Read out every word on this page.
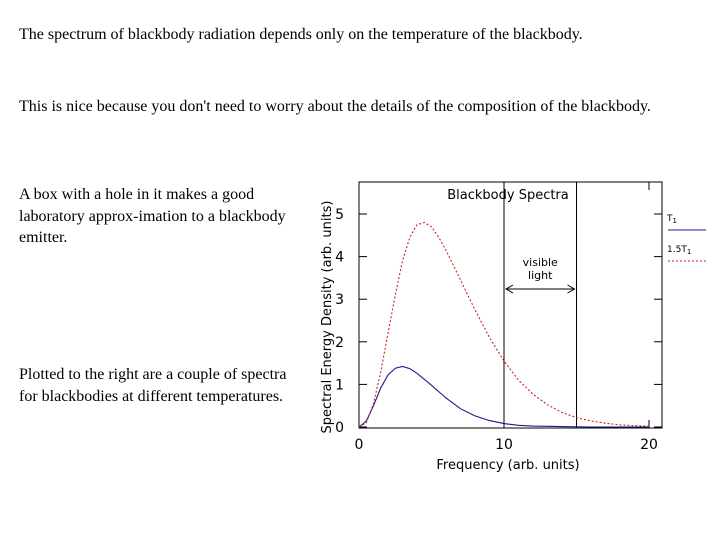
The spectrum of blackbody radiation depends only on the temperature of the blackbody.

This is nice because you don't need to worry about the details of the composition of the blackbody.

A box with a hole in it makes a good laboratory approx-imation to a blackbody emitter.

Plotted to the right are a couple of spectra for blackbodies at different temperatures.

0
1
2
3
4
5
0	10	20
Blackbody Spectra
Frequency (arb. units)
Spectral Energy Density (arb. units)	visible
light
$T_1$
$1.5T_1$
